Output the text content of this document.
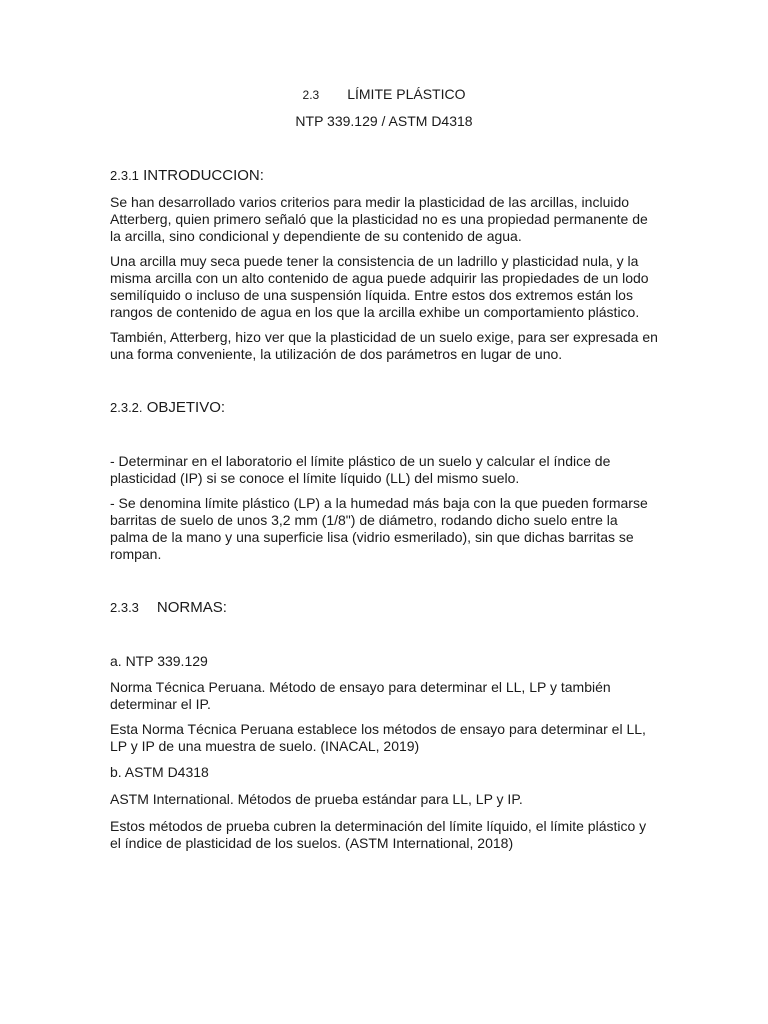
2.3 LÍMITE PLÁSTICO
NTP 339.129 / ASTM D4318
2.3.1 INTRODUCCION:
Se han desarrollado varios criterios para medir la plasticidad de las arcillas, incluido Atterberg, quien primero señaló que la plasticidad no es una propiedad permanente de la arcilla, sino condicional y dependiente de su contenido de agua.
Una arcilla muy seca puede tener la consistencia de un ladrillo y plasticidad nula, y la misma arcilla con un alto contenido de agua puede adquirir las propiedades de un lodo semilíquido o incluso de una suspensión líquida. Entre estos dos extremos están los rangos de contenido de agua en los que la arcilla exhibe un comportamiento plástico.
También, Atterberg, hizo ver que la plasticidad de un suelo exige, para ser expresada en una forma conveniente, la utilización de dos parámetros en lugar de uno.
2.3.2. OBJETIVO:
- Determinar en el laboratorio el límite plástico de un suelo y calcular el índice de plasticidad (IP) si se conoce el límite líquido (LL) del mismo suelo.
- Se denomina límite plástico (LP) a la humedad más baja con la que pueden formarse barritas de suelo de unos 3,2 mm (1/8") de diámetro, rodando dicho suelo entre la palma de la mano y una superficie lisa (vidrio esmerilado), sin que dichas barritas se rompan.
2.3.3 NORMAS:
a. NTP 339.129
Norma Técnica Peruana. Método de ensayo para determinar el LL, LP y también determinar el IP.
Esta Norma Técnica Peruana establece los métodos de ensayo para determinar el LL, LP y IP de una muestra de suelo. (INACAL, 2019)
b. ASTM D4318
ASTM International. Métodos de prueba estándar para LL, LP y IP.
Estos métodos de prueba cubren la determinación del límite líquido, el límite plástico y el índice de plasticidad de los suelos. (ASTM International, 2018)
